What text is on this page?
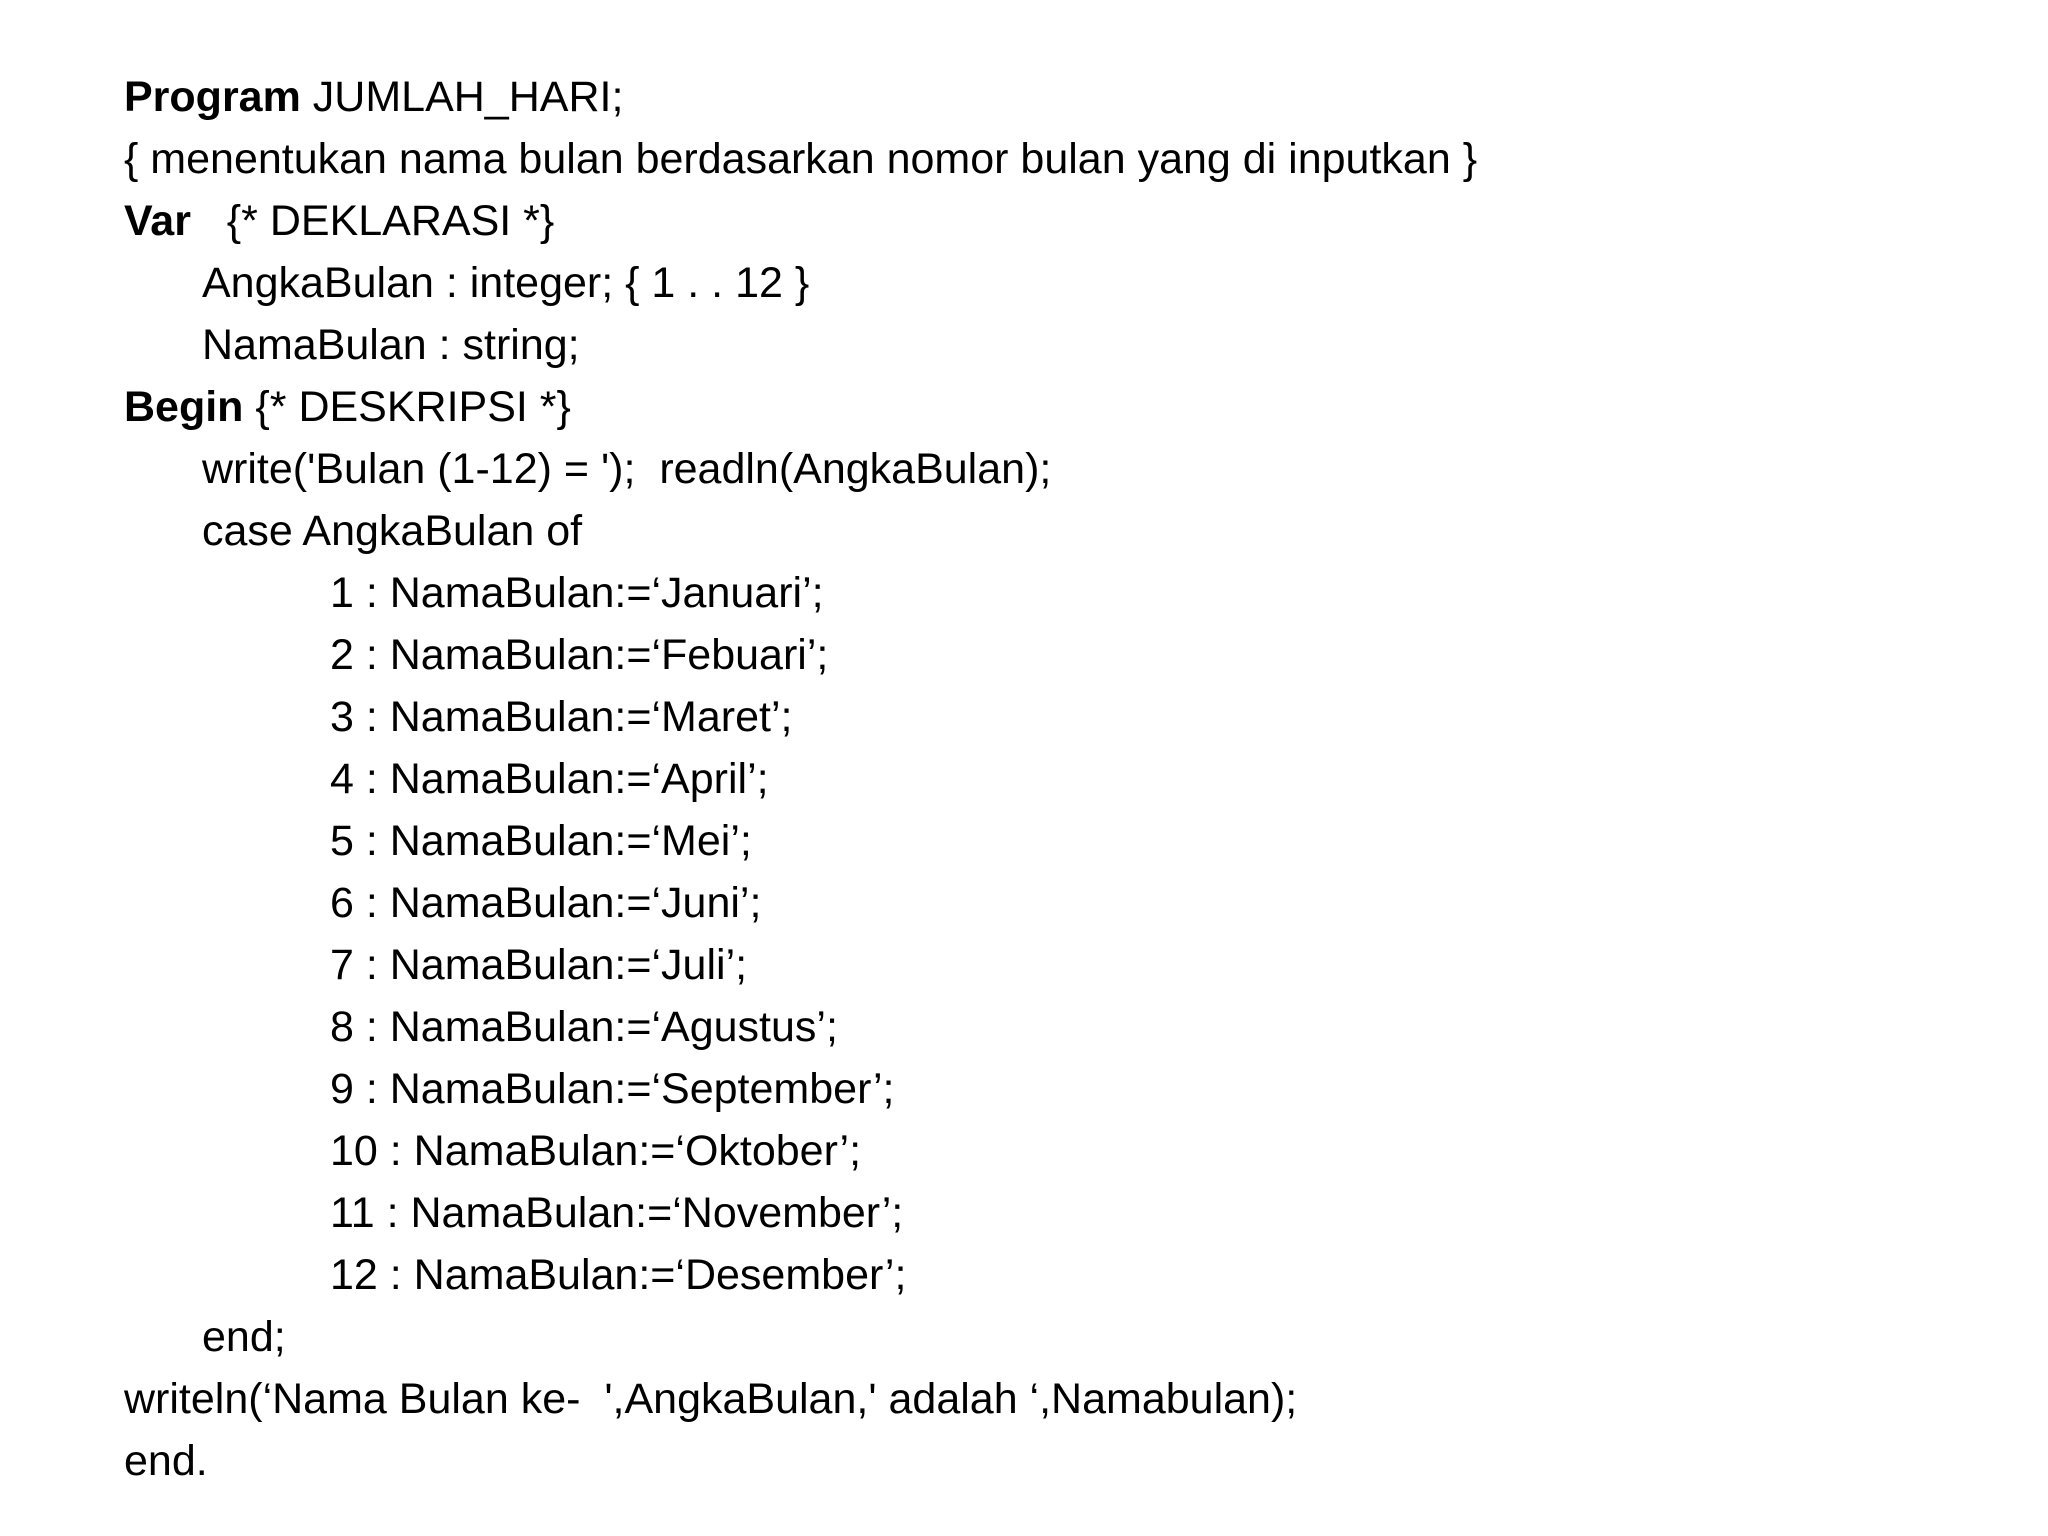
Program JUMLAH_HARI;
{ menentukan nama bulan berdasarkan nomor bulan yang di inputkan }
Var   {* DEKLARASI *}
AngkaBulan : integer; { 1 . . 12 }
NamaBulan : string;
Begin {* DESKRIPSI *}
write('Bulan (1-12) = ');  readln(AngkaBulan);
case AngkaBulan of
1 : NamaBulan:=‘Januari’;
2 : NamaBulan:=‘Febuari’;
3 : NamaBulan:=‘Maret’;
4 : NamaBulan:=‘April’;
5 : NamaBulan:=‘Mei’;
6 : NamaBulan:=‘Juni’;
7 : NamaBulan:=‘Juli’;
8 : NamaBulan:=‘Agustus’;
9 : NamaBulan:=‘September’;
10 : NamaBulan:=‘Oktober’;
11 : NamaBulan:=‘November’;
12 : NamaBulan:=‘Desember’;
end;
writeln(‘Nama Bulan ke-  ',AngkaBulan,' adalah ‘,Namabulan);
end.
